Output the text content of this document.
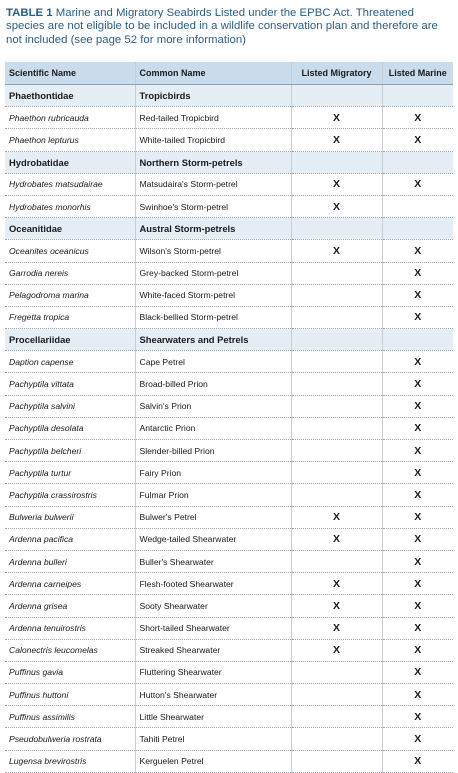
TABLE 1 Marine and Migratory Seabirds Listed under the EPBC Act. Threatened species are not eligible to be included in a wildlife conservation plan and therefore are not included (see page 52 for more information)
Scientific Name	Common Name	Listed Migratory	Listed Marine
Phaethontidae	Tropicbirds		
Phaethon rubricauda	Red-tailed Tropicbird	X	X
Phaethon lepturus	White-tailed Tropicbird	X	X
Hydrobatidae	Northern Storm-petrels		
Hydrobates matsudairae	Matsudaira's Storm-petrel	X	X
Hydrobates monorhis	Swinhoe's Storm-petrel	X	
Oceanitidae	Austral Storm-petrels		
Oceanites oceanicus	Wilson's Storm-petrel	X	X
Garrodia nereis	Grey-backed Storm-petrel		X
Pelagodroma marina	White-faced Storm-petrel		X
Fregetta tropica	Black-bellied Storm-petrel		X
Procellariidae	Shearwaters and Petrels		
Daption capense	Cape Petrel		X
Pachyptila vittata	Broad-billed Prion		X
Pachyptila salvini	Salvin's Prion		X
Pachyptila desolata	Antarctic Prion		X
Pachyptila belcheri	Slender-billed Prion		X
Pachyptila turtur	Fairy Prion		X
Pachyptila crassirostris	Fulmar Prion		X
Bulweria bulwerii	Bulwer's Petrel	X	X
Ardenna pacifica	Wedge-tailed Shearwater	X	X
Ardenna bulleri	Buller's Shearwater		X
Ardenna carneipes	Flesh-footed Shearwater	X	X
Ardenna grisea	Sooty Shearwater	X	X
Ardenna tenuirostris	Short-tailed Shearwater	X	X
Calonectris leucomelas	Streaked Shearwater	X	X
Puffinus gavia	Fluttering Shearwater		X
Puffinus huttoni	Hutton's Shearwater		X
Puffinus assimilis	Little Shearwater		X
Pseudobulweria rostrata	Tahiti Petrel		X
Lugensa brevirostris	Kerguelen Petrel		X
